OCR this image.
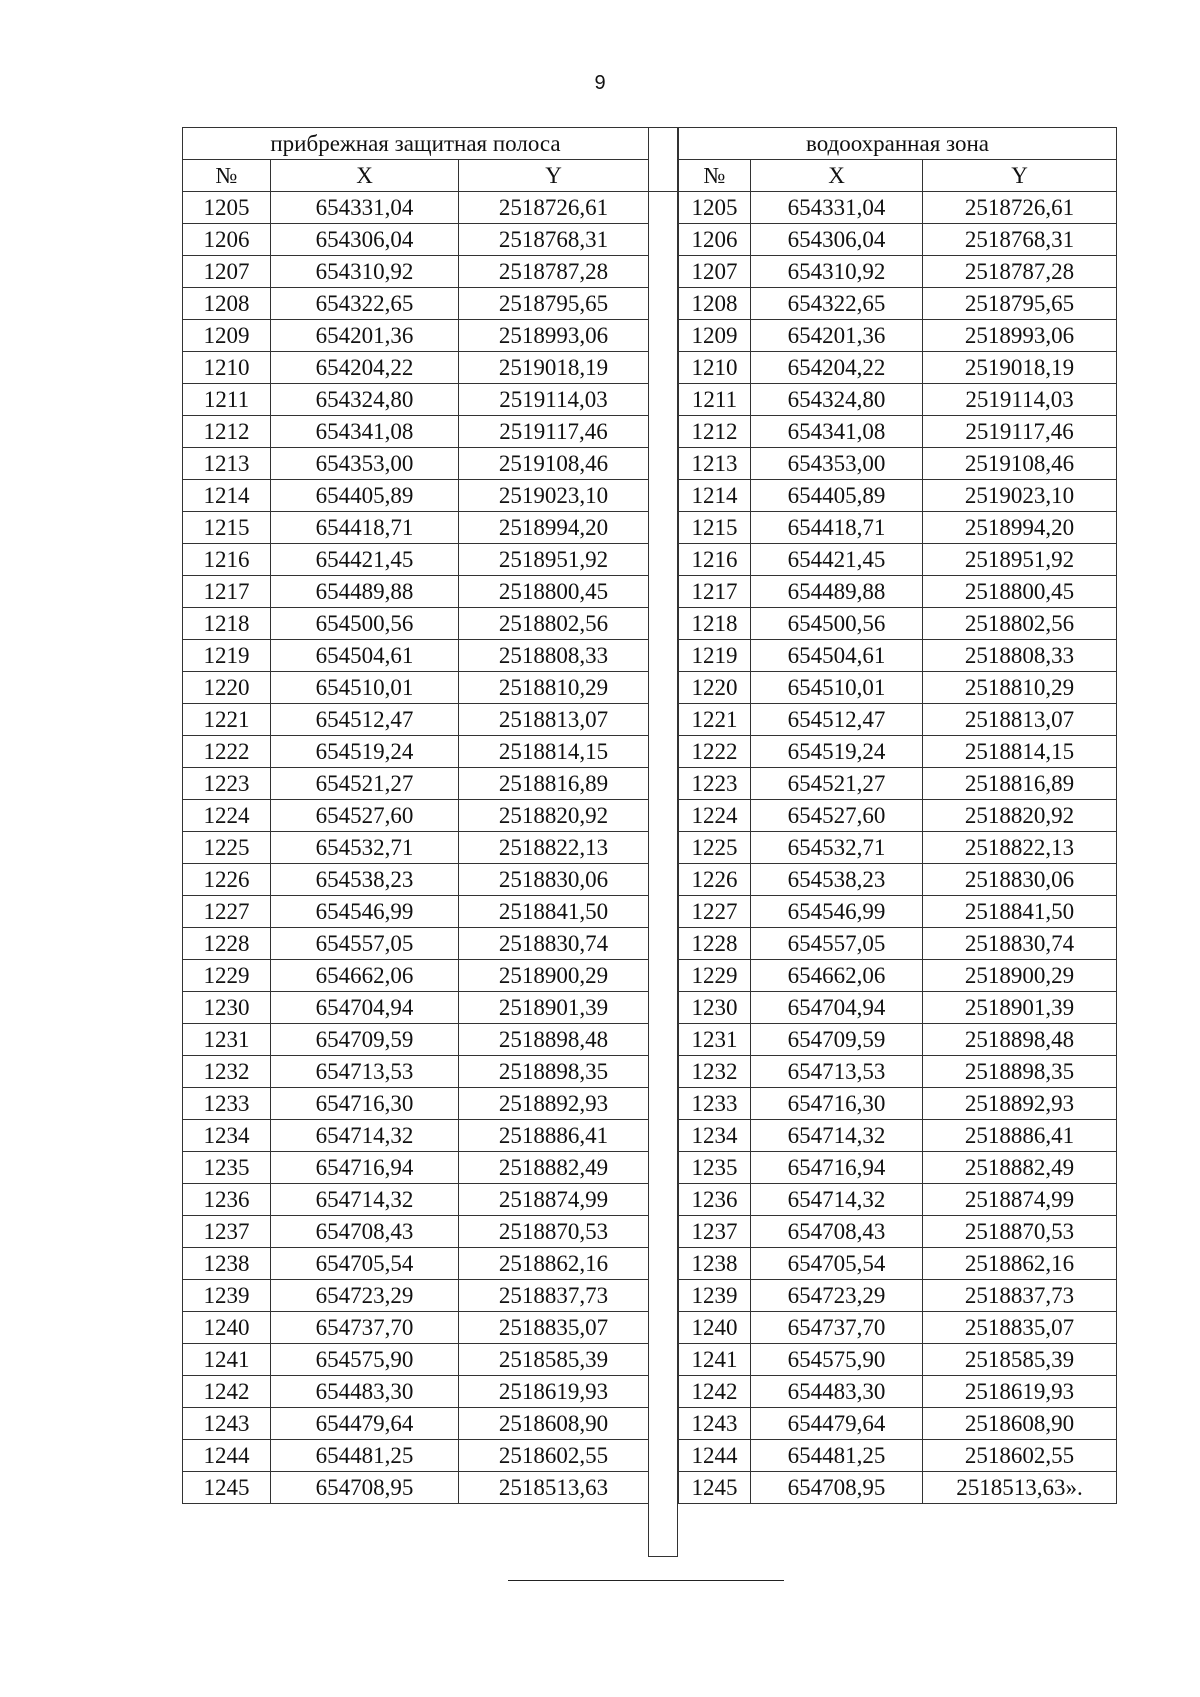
9
прибрежная защитная полоса		
№	X	Y
1205	654331,04	2518726,61
1206	654306,04	2518768,31
1207	654310,92	2518787,28
1208	654322,65	2518795,65
1209	654201,36	2518993,06
1210	654204,22	2519018,19
1211	654324,80	2519114,03
1212	654341,08	2519117,46
1213	654353,00	2519108,46
1214	654405,89	2519023,10
1215	654418,71	2518994,20
1216	654421,45	2518951,92
1217	654489,88	2518800,45
1218	654500,56	2518802,56
1219	654504,61	2518808,33
1220	654510,01	2518810,29
1221	654512,47	2518813,07
1222	654519,24	2518814,15
1223	654521,27	2518816,89
1224	654527,60	2518820,92
1225	654532,71	2518822,13
1226	654538,23	2518830,06
1227	654546,99	2518841,50
1228	654557,05	2518830,74
1229	654662,06	2518900,29
1230	654704,94	2518901,39
1231	654709,59	2518898,48
1232	654713,53	2518898,35
1233	654716,30	2518892,93
1234	654714,32	2518886,41
1235	654716,94	2518882,49
1236	654714,32	2518874,99
1237	654708,43	2518870,53
1238	654705,54	2518862,16
1239	654723,29	2518837,73
1240	654737,70	2518835,07
1241	654575,90	2518585,39
1242	654483,30	2518619,93
1243	654479,64	2518608,90
1244	654481,25	2518602,55
1245	654708,95	2518513,63
водоохранная зона		
№	X	Y
1205	654331,04	2518726,61
1206	654306,04	2518768,31
1207	654310,92	2518787,28
1208	654322,65	2518795,65
1209	654201,36	2518993,06
1210	654204,22	2519018,19
1211	654324,80	2519114,03
1212	654341,08	2519117,46
1213	654353,00	2519108,46
1214	654405,89	2519023,10
1215	654418,71	2518994,20
1216	654421,45	2518951,92
1217	654489,88	2518800,45
1218	654500,56	2518802,56
1219	654504,61	2518808,33
1220	654510,01	2518810,29
1221	654512,47	2518813,07
1222	654519,24	2518814,15
1223	654521,27	2518816,89
1224	654527,60	2518820,92
1225	654532,71	2518822,13
1226	654538,23	2518830,06
1227	654546,99	2518841,50
1228	654557,05	2518830,74
1229	654662,06	2518900,29
1230	654704,94	2518901,39
1231	654709,59	2518898,48
1232	654713,53	2518898,35
1233	654716,30	2518892,93
1234	654714,32	2518886,41
1235	654716,94	2518882,49
1236	654714,32	2518874,99
1237	654708,43	2518870,53
1238	654705,54	2518862,16
1239	654723,29	2518837,73
1240	654737,70	2518835,07
1241	654575,90	2518585,39
1242	654483,30	2518619,93
1243	654479,64	2518608,90
1244	654481,25	2518602,55
1245	654708,95	2518513,63».
